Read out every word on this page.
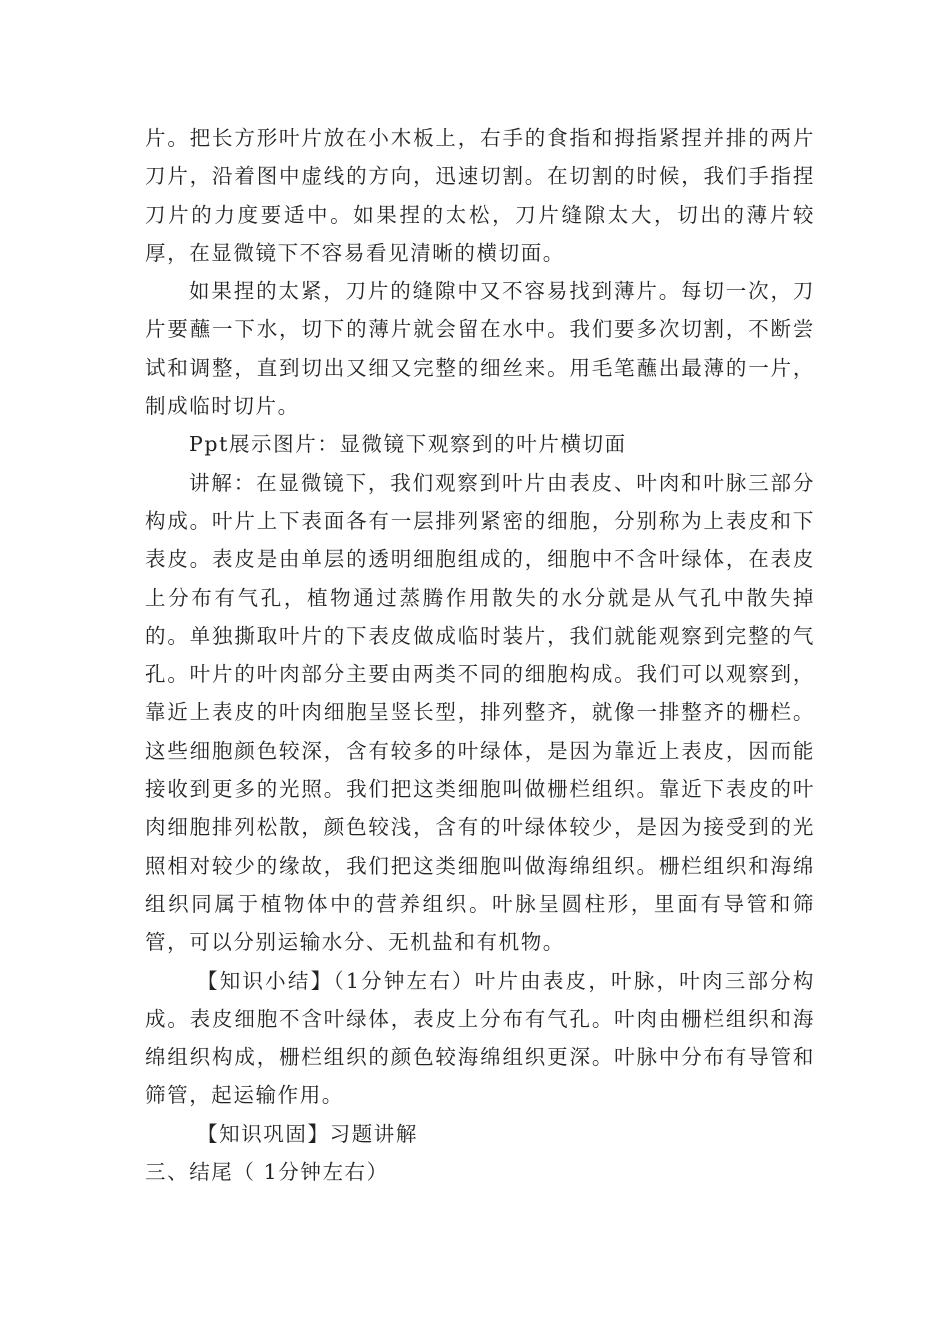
片。把长方形叶片放在小木板上，右手的食指和拇指紧捏并排的两片刀片，沿着图中虚线的方向，迅速切割。在切割的时候，我们手指捏刀片的力度要适中。如果捏的太松，刀片缝隙太大，切出的薄片较厚，在显微镜下不容易看见清晰的横切面。

如果捏的太紧，刀片的缝隙中又不容易找到薄片。每切一次，刀片要蘸一下水，切下的薄片就会留在水中。我们要多次切割，不断尝试和调整，直到切出又细又完整的细丝来。用毛笔蘸出最薄的一片，制成临时切片。

Ppt展示图片：显微镜下观察到的叶片横切面

讲解：在显微镜下，我们观察到叶片由表皮、叶肉和叶脉三部分构成。叶片上下表面各有一层排列紧密的细胞，分别称为上表皮和下表皮。表皮是由单层的透明细胞组成的，细胞中不含叶绿体，在表皮上分布有气孔，植物通过蒸腾作用散失的水分就是从气孔中散失掉的。单独撕取叶片的下表皮做成临时装片，我们就能观察到完整的气孔。叶片的叶肉部分主要由两类不同的细胞构成。我们可以观察到，靠近上表皮的叶肉细胞呈竖长型，排列整齐，就像一排整齐的栅栏。这些细胞颜色较深，含有较多的叶绿体，是因为靠近上表皮，因而能接收到更多的光照。我们把这类细胞叫做栅栏组织。靠近下表皮的叶肉细胞排列松散，颜色较浅，含有的叶绿体较少，是因为接受到的光照相对较少的缘故，我们把这类细胞叫做海绵组织。栅栏组织和海绵组织同属于植物体中的营养组织。叶脉呈圆柱形，里面有导管和筛管，可以分别运输水分、无机盐和有机物。

【知识小结】（1分钟左右）叶片由表皮，叶脉，叶肉三部分构成。表皮细胞不含叶绿体，表皮上分布有气孔。叶肉由栅栏组织和海绵组织构成，栅栏组织的颜色较海绵组织更深。叶脉中分布有导管和筛管，起运输作用。

【知识巩固】习题讲解

三、结尾（ 1分钟左右）
